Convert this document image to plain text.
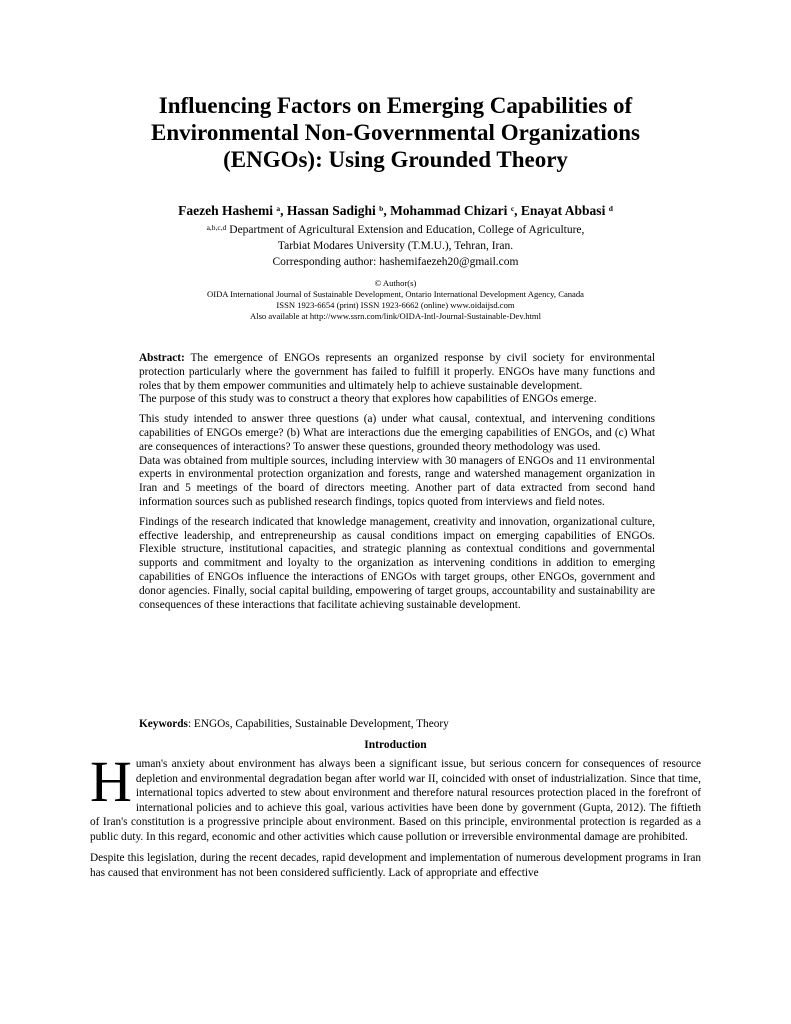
Influencing Factors on Emerging Capabilities of
Environmental Non-Governmental Organizations
(ENGOs): Using Grounded Theory

Faezeh Hashemi $^a$, Hassan Sadighi $^b$, Mohammad Chizari $^c$, Enayat Abbasi $^d$

$^{a,b,c,d}$ Department of Agricultural Extension and Education, College of Agriculture,
Tarbiat Modares University (T.M.U.), Tehran, Iran.
Corresponding author: hashemifaezeh20@gmail.com
© Author(s)
OIDA International Journal of Sustainable Development, Ontario International Development Agency, Canada
ISSN 1923-6654 (print) ISSN 1923-6662 (online) www.oidaijsd.com
Also available at http://www.ssrn.com/link/OIDA-Intl-Journal-Sustainable-Dev.html

Abstract: The emergence of ENGOs represents an organized response by civil society for environmental protection particularly where the government has failed to fulfill it properly. ENGOs have many functions and roles that by them empower communities and ultimately help to achieve sustainable development.

The purpose of this study was to construct a theory that explores how capabilities of ENGOs emerge.

This study intended to answer three questions (a) under what causal, contextual, and intervening conditions capabilities of ENGOs emerge? (b) What are interactions due the emerging capabilities of ENGOs, and (c) What are consequences of interactions? To answer these questions, grounded theory methodology was used.

Data was obtained from multiple sources, including interview with 30 managers of ENGOs and 11 environmental experts in environmental protection organization and forests, range and watershed management organization in Iran and 5 meetings of the board of directors meeting. Another part of data extracted from second hand information sources such as published research findings, topics quoted from interviews and field notes.

Findings of the research indicated that knowledge management, creativity and innovation, organizational culture, effective leadership, and entrepreneurship as causal conditions impact on emerging capabilities of ENGOs. Flexible structure, institutional capacities, and strategic planning as contextual conditions and governmental supports and commitment and loyalty to the organization as intervening conditions in addition to emerging capabilities of ENGOs influence the interactions of ENGOs with target groups, other ENGOs, government and donor agencies. Finally, social capital building, empowering of target groups, accountability and sustainability are consequences of these interactions that facilitate achieving sustainable development.

Keywords: ENGOs, Capabilities, Sustainable Development, Theory
Introduction

Human's anxiety about environment has always been a significant issue, but serious concern for consequences of resource depletion and environmental degradation began after world war II, coincided with onset of industrialization. Since that time, international topics adverted to stew about environment and therefore natural resources protection placed in the forefront of international policies and to achieve this goal, various activities have been done by government (Gupta, 2012). The fiftieth of Iran's constitution is a progressive principle about environment. Based on this principle, environmental protection is regarded as a public duty. In this regard, economic and other activities which cause pollution or irreversible environmental damage are prohibited.

Despite this legislation, during the recent decades, rapid development and implementation of numerous development programs in Iran has caused that environment has not been considered sufficiently. Lack of appropriate and effective
